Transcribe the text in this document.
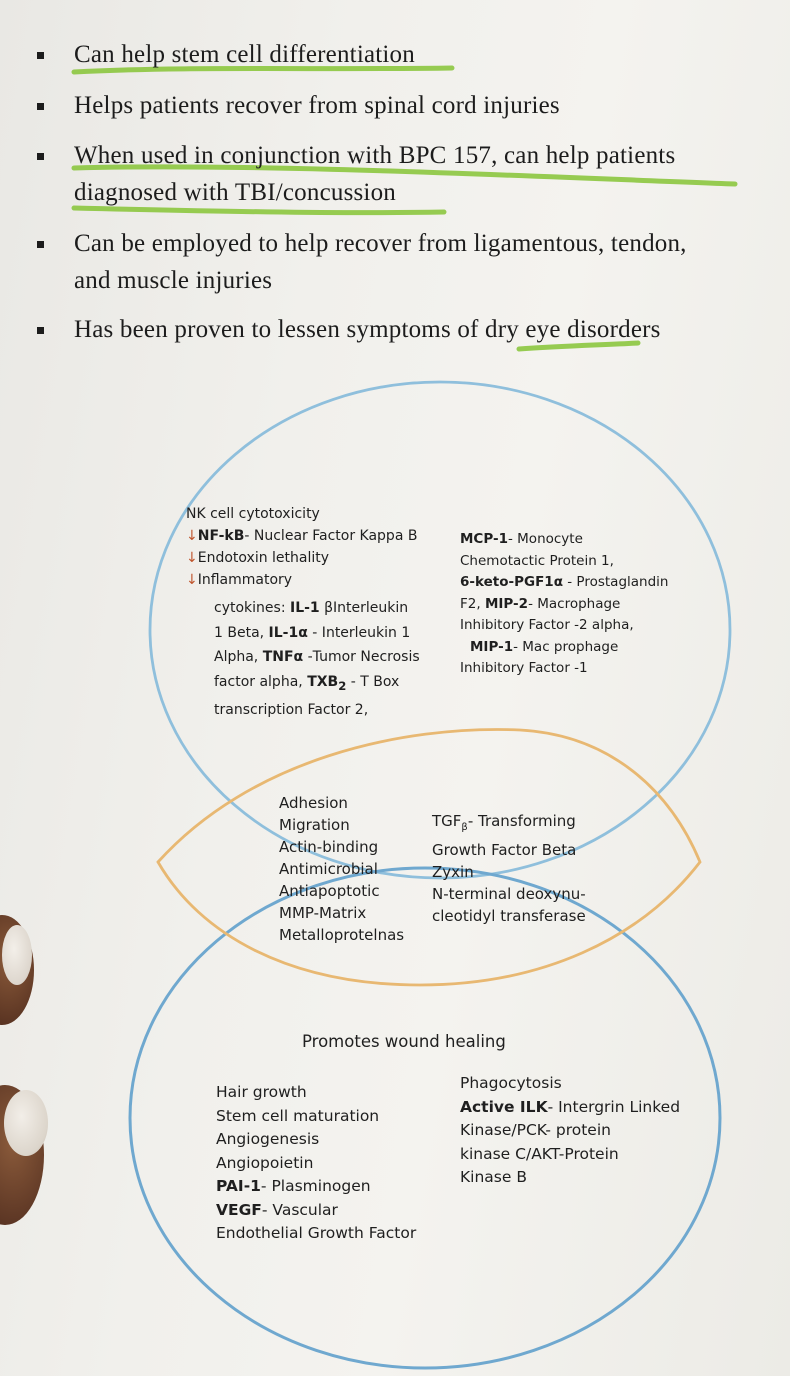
Can help stem cell differentiation
Helps patients recover from spinal cord injuries
When used in conjunction with BPC 157, can help patients
diagnosed with TBI/concussion
Can be employed to help recover from ligamentous, tendon,
and muscle injuries
Has been proven to lessen symptoms of dry eye disorders
NK cell cytotoxicity
↓NF-kB- Nuclear Factor Kappa B
↓Endotoxin lethality
↓Inflammatory
cytokines: IL-1 βInterleukin
1 Beta, IL-1α - Interleukin 1
Alpha, TNFα -Tumor Necrosis
factor alpha, $TXB_2$ - T Box
transcription Factor 2,
MCP-1- Monocyte
Chemotactic Protein 1,
6-keto-PGF1α - Prostaglandin
F2, MIP-2- Macrophage
Inhibitory Factor -2 alpha,
MIP-1- Mac prophage
Inhibitory Factor -1
Adhesion
Migration
Actin-binding
Antimicrobial
Antiapoptotic
MMP-Matrix
Metalloprotelnas
$TGF_\beta-$ Transforming
Growth Factor Beta
Zyxin
N-terminal deoxynu-
cleotidyl transferase
Promotes wound healing
Hair growth
Stem cell maturation
Angiogenesis
Angiopoietin
PAI-1- Plasminogen
VEGF- Vascular
Endothelial Growth Factor
Phagocytosis
Active ILK- Intergrin Linked
Kinase/PCK- protein
kinase C/AKT-Protein
Kinase B
